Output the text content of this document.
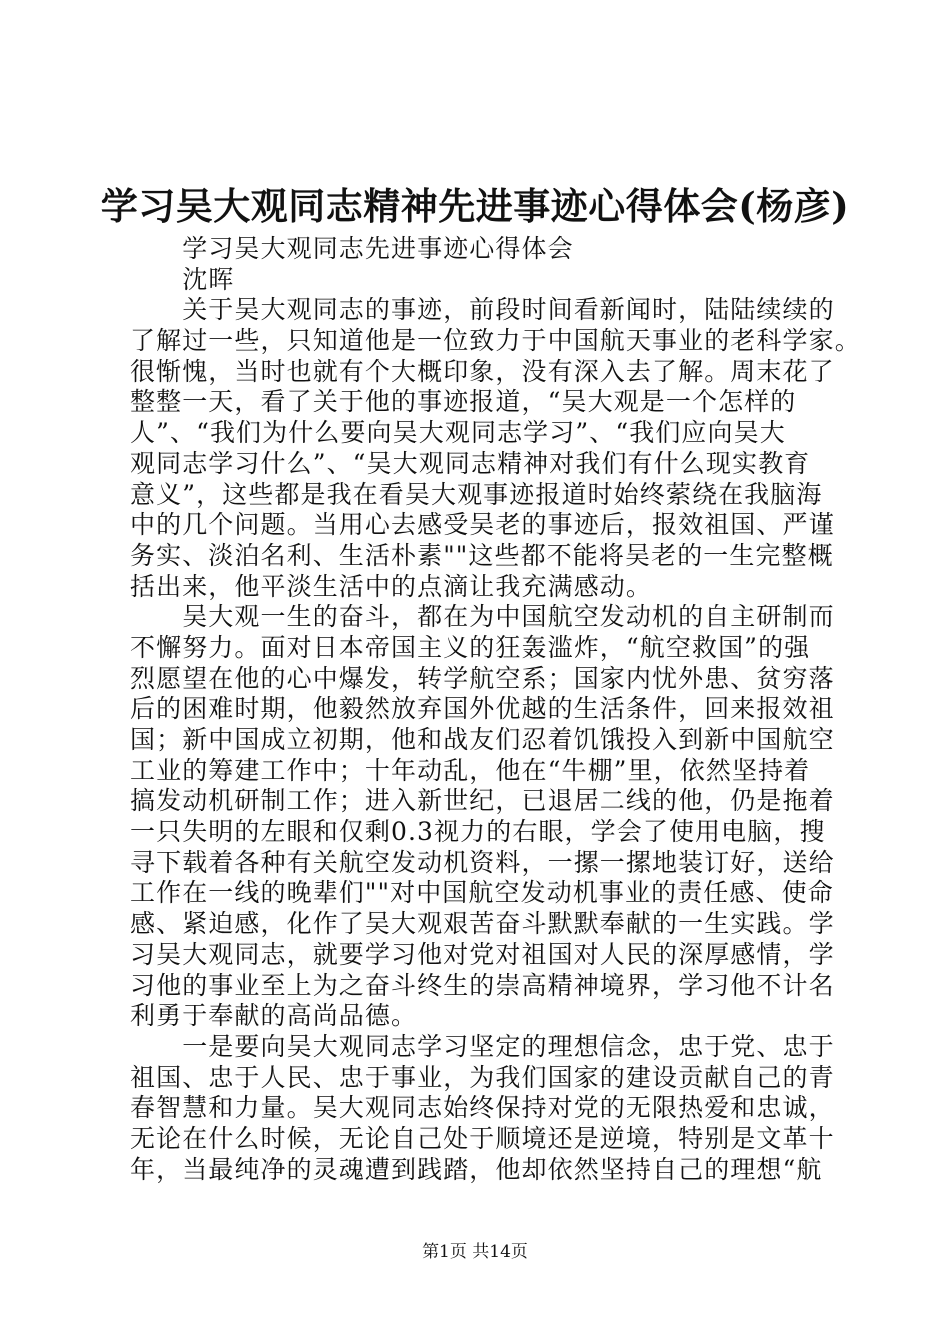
学习吴大观同志精神先进事迹心得体会(杨彦)
　　学习吴大观同志先进事迹心得体会
　　沈晖
　　关于吴大观同志的事迹，前段时间看新闻时，陆陆续续的
了解过一些，只知道他是一位致力于中国航天事业的老科学家。
很惭愧，当时也就有个大概印象，没有深入去了解。周末花了
整整一天，看了关于他的事迹报道，“吴大观是一个怎样的
人”、“我们为什么要向吴大观同志学习”、“我们应向吴大
观同志学习什么”、“吴大观同志精神对我们有什么现实教育
意义”，这些都是我在看吴大观事迹报道时始终萦绕在我脑海
中的几个问题。当用心去感受吴老的事迹后，报效祖国、严谨
务实、淡泊名利、生活朴素""这些都不能将吴老的一生完整概
括出来，他平淡生活中的点滴让我充满感动。
　　吴大观一生的奋斗，都在为中国航空发动机的自主研制而
不懈努力。面对日本帝国主义的狂轰滥炸，“航空救国”的强
烈愿望在他的心中爆发，转学航空系；国家内忧外患、贫穷落
后的困难时期，他毅然放弃国外优越的生活条件，回来报效祖
国；新中国成立初期，他和战友们忍着饥饿投入到新中国航空
工业的筹建工作中；十年动乱，他在“牛棚”里，依然坚持着
搞发动机研制工作；进入新世纪，已退居二线的他，仍是拖着
一只失明的左眼和仅剩0.3视力的右眼，学会了使用电脑，搜
寻下载着各种有关航空发动机资料，一摞一摞地装订好，送给
工作在一线的晚辈们""对中国航空发动机事业的责任感、使命
感、紧迫感，化作了吴大观艰苦奋斗默默奉献的一生实践。学
习吴大观同志，就要学习他对党对祖国对人民的深厚感情，学
习他的事业至上为之奋斗终生的崇高精神境界，学习他不计名
利勇于奉献的高尚品德。
　　一是要向吴大观同志学习坚定的理想信念，忠于党、忠于
祖国、忠于人民、忠于事业，为我们国家的建设贡献自己的青
春智慧和力量。吴大观同志始终保持对党的无限热爱和忠诚，
无论在什么时候，无论自己处于顺境还是逆境，特别是文革十
年，当最纯净的灵魂遭到践踏，他却依然坚持自己的理想“航
第1页 共14页
